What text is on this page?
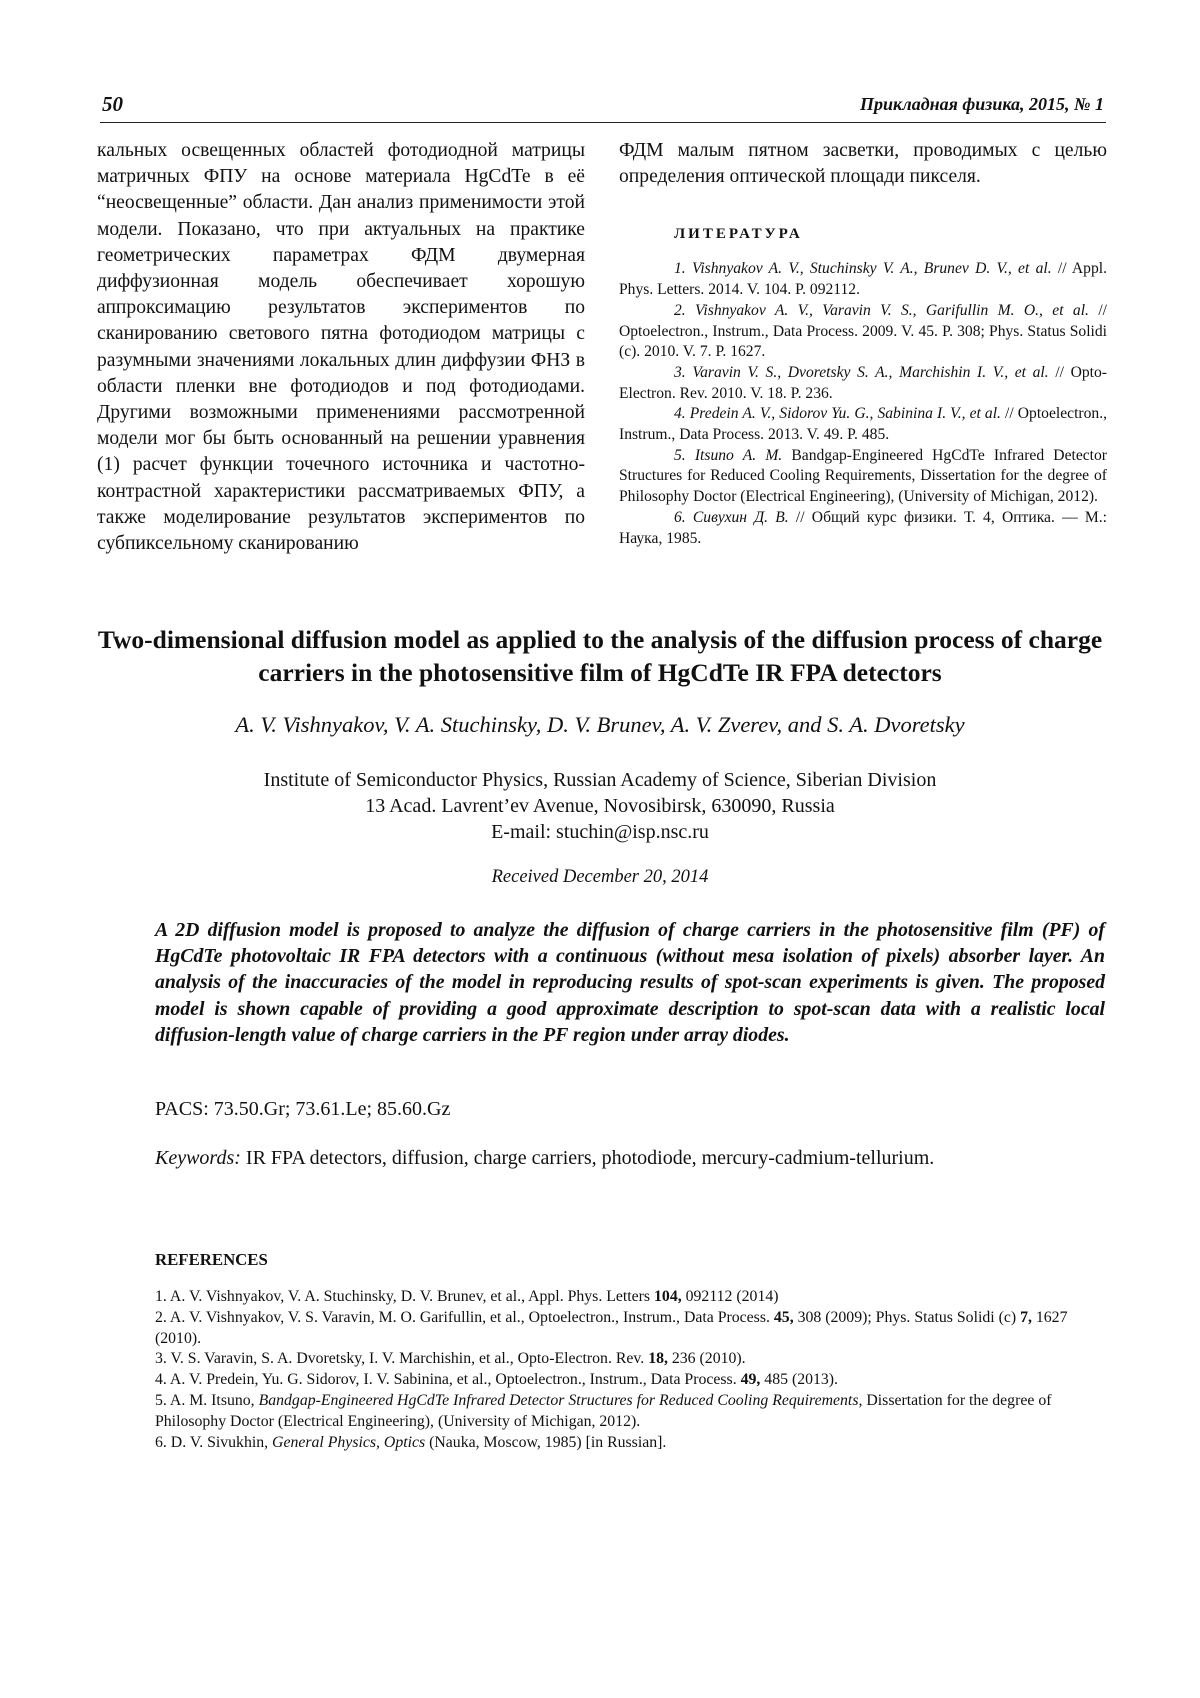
50	Прикладная физика, 2015, № 1
кальных освещенных областей фотодиодной матрицы матричных ФПУ на основе материала HgCdTe в её “неосвещенные” области. Дан анализ применимости этой модели. Показано, что при актуальных на практике геометрических параметрах ФДМ двумерная диффузионная модель обеспечивает хорошую аппроксимацию результатов экспериментов по сканированию светового пятна фотодиодом матрицы с разумными значениями локальных длин диффузии ФНЗ в области пленки вне фотодиодов и под фотодиодами. Другими возможными применениями рассмотренной модели мог бы быть основанный на решении уравнения (1) расчет функции точечного источника и частотно-контрастной характеристики рассматриваемых ФПУ, а также моделирование результатов экспериментов по субпиксельному сканированию

ФДМ малым пятном засветки, проводимых с целью определения оптической площади пикселя.

ЛИТЕРАТУРА

1. Vishnyakov A. V., Stuchinsky V. A., Brunev D. V., et al. // Appl. Phys. Letters. 2014. V. 104. P. 092112.

2. Vishnyakov A. V., Varavin V. S., Garifullin M. O., et al. // Optoelectron., Instrum., Data Process. 2009. V. 45. P. 308; Phys. Status Solidi (c). 2010. V. 7. P. 1627.

3. Varavin V. S., Dvoretsky S. A., Marchishin I. V., et al. // Opto-Electron. Rev. 2010. V. 18. P. 236.

4. Predein A. V., Sidorov Yu. G., Sabinina I. V., et al. // Optoelectron., Instrum., Data Process. 2013. V. 49. P. 485.

5. Itsuno A. M. Bandgap-Engineered HgCdTe Infrared Detector Structures for Reduced Cooling Requirements, Dissertation for the degree of Philosophy Doctor (Electrical Engineering), (University of Michigan, 2012).

6. Сивухин Д. В. // Общий курс физики. Т. 4, Оптика. — М.: Наука, 1985.

Two-dimensional diffusion model as applied to the analysis of the diffusion process of charge carriers in the photosensitive film of HgCdTe IR FPA detectors
A. V. Vishnyakov, V. A. Stuchinsky, D. V. Brunev, A. V. Zverev, and S. A. Dvoretsky
Institute of Semiconductor Physics, Russian Academy of Science, Siberian Division
13 Acad. Lavrent’ev Avenue, Novosibirsk, 630090, Russia
E-mail: stuchin@isp.nsc.ru
Received December 20, 2014
A 2D diffusion model is proposed to analyze the diffusion of charge carriers in the photosensitive film (PF) of HgCdTe photovoltaic IR FPA detectors with a continuous (without mesa isolation of pixels) absorber layer. An analysis of the inaccuracies of the model in reproducing results of spot-scan experiments is given. The proposed model is shown capable of providing a good approximate description to spot-scan data with a realistic local diffusion-length value of charge carriers in the PF region under array diodes.
PACS: 73.50.Gr; 73.61.Le; 85.60.Gz
Keywords: IR FPA detectors, diffusion, charge carriers, photodiode, mercury-cadmium-tellurium.
REFERENCES

1. A. V. Vishnyakov, V. A. Stuchinsky, D. V. Brunev, et al., Appl. Phys. Letters 104, 092112 (2014)

2. A. V. Vishnyakov, V. S. Varavin, M. O. Garifullin, et al., Optoelectron., Instrum., Data Process. 45, 308 (2009); Phys. Status Solidi (c) 7, 1627 (2010).

3. V. S. Varavin, S. A. Dvoretsky, I. V. Marchishin, et al., Opto-Electron. Rev. 18, 236 (2010).

4. A. V. Predein, Yu. G. Sidorov, I. V. Sabinina, et al., Optoelectron., Instrum., Data Process. 49, 485 (2013).

5. A. M. Itsuno, Bandgap-Engineered HgCdTe Infrared Detector Structures for Reduced Cooling Requirements, Dissertation for the degree of Philosophy Doctor (Electrical Engineering), (University of Michigan, 2012).

6. D. V. Sivukhin, General Physics, Optics (Nauka, Moscow, 1985) [in Russian].
